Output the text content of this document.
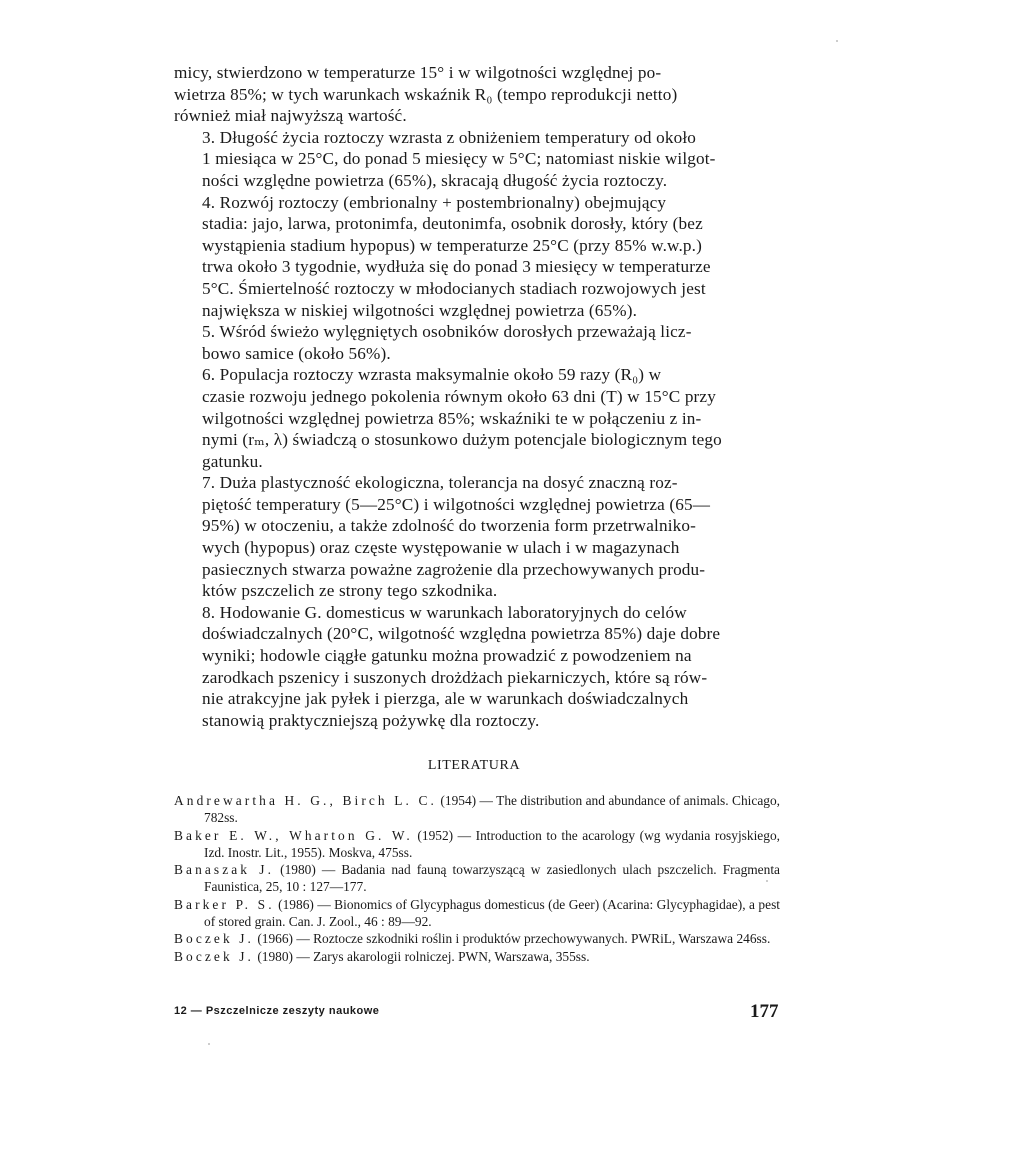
micy, stwierdzono w temperaturze 15° i w wilgotności względnej po-
wietrza 85%; w tych warunkach wskaźnik R₀ (tempo reprodukcji netto)
również miał najwyższą wartość.

3. Długość życia roztoczy wzrasta z obniżeniem temperatury od około
1 miesiąca w 25°C, do ponad 5 miesięcy w 5°C; natomiast niskie wilgot-
ności względne powietrza (65%), skracają długość życia roztoczy.

4. Rozwój roztoczy (embrionalny + postembrionalny) obejmujący
stadia: jajo, larwa, protonimfa, deutonimfa, osobnik dorosły, który (bez
wystąpienia stadium hypopus) w temperaturze 25°C (przy 85% w.w.p.)
trwa około 3 tygodnie, wydłuża się do ponad 3 miesięcy w temperaturze
5°C. Śmiertelność roztoczy w młodocianych stadiach rozwojowych jest
największa w niskiej wilgotności względnej powietrza (65%).

5. Wśród świeżo wylęgniętych osobników dorosłych przeważają licz-
bowo samice (około 56%).

6. Populacja roztoczy wzrasta maksymalnie około 59 razy (R₀) w
czasie rozwoju jednego pokolenia równym około 63 dni (T) w 15°C przy
wilgotności względnej powietrza 85%; wskaźniki te w połączeniu z in-
nymi (rₘ, λ) świadczą o stosunkowo dużym potencjale biologicznym tego
gatunku.

7. Duża plastyczność ekologiczna, tolerancja na dosyć znaczną roz-
piętość temperatury (5—25°C) i wilgotności względnej powietrza (65—
95%) w otoczeniu, a także zdolność do tworzenia form przetrwalniko-
wych (hypopus) oraz częste występowanie w ulach i w magazynach
pasiecznych stwarza poważne zagrożenie dla przechowywanych produ-
któw pszczelich ze strony tego szkodnika.

8. Hodowanie G. domesticus w warunkach laboratoryjnych do celów
doświadczalnych (20°C, wilgotność względna powietrza 85%) daje dobre
wyniki; hodowle ciągłe gatunku można prowadzić z powodzeniem na
zarodkach pszenicy i suszonych drożdżach piekarniczych, które są rów-
nie atrakcyjne jak pyłek i pierzga, ale w warunkach doświadczalnych
stanowią praktyczniejszą pożywkę dla roztoczy.

LITERATURA

Andrewartha H. G., Birch L. C. (1954) — The distribution and abundance of animals. Chicago, 782ss.

Baker E. W., Wharton G. W. (1952) — Introduction to the acarology (wg wydania rosyjskiego, Izd. Inostr. Lit., 1955). Moskva, 475ss.

Banaszak J. (1980) — Badania nad fauną towarzyszącą w zasiedlonych ulach pszczelich. Fragmenta Faunistica, 25, 10 : 127—177.

Barker P. S. (1986) — Bionomics of Glycyphagus domesticus (de Geer) (Acarina: Glycyphagidae), a pest of stored grain. Can. J. Zool., 46 : 89—92.

Boczek J. (1966) — Roztocze szkodniki roślin i produktów przechowywanych. PWRiL, Warszawa 246ss.

Boczek J. (1980) — Zarys akarologii rolniczej. PWN, Warszawa, 355ss.

12 — Pszczelnicze zeszyty naukowe	177
